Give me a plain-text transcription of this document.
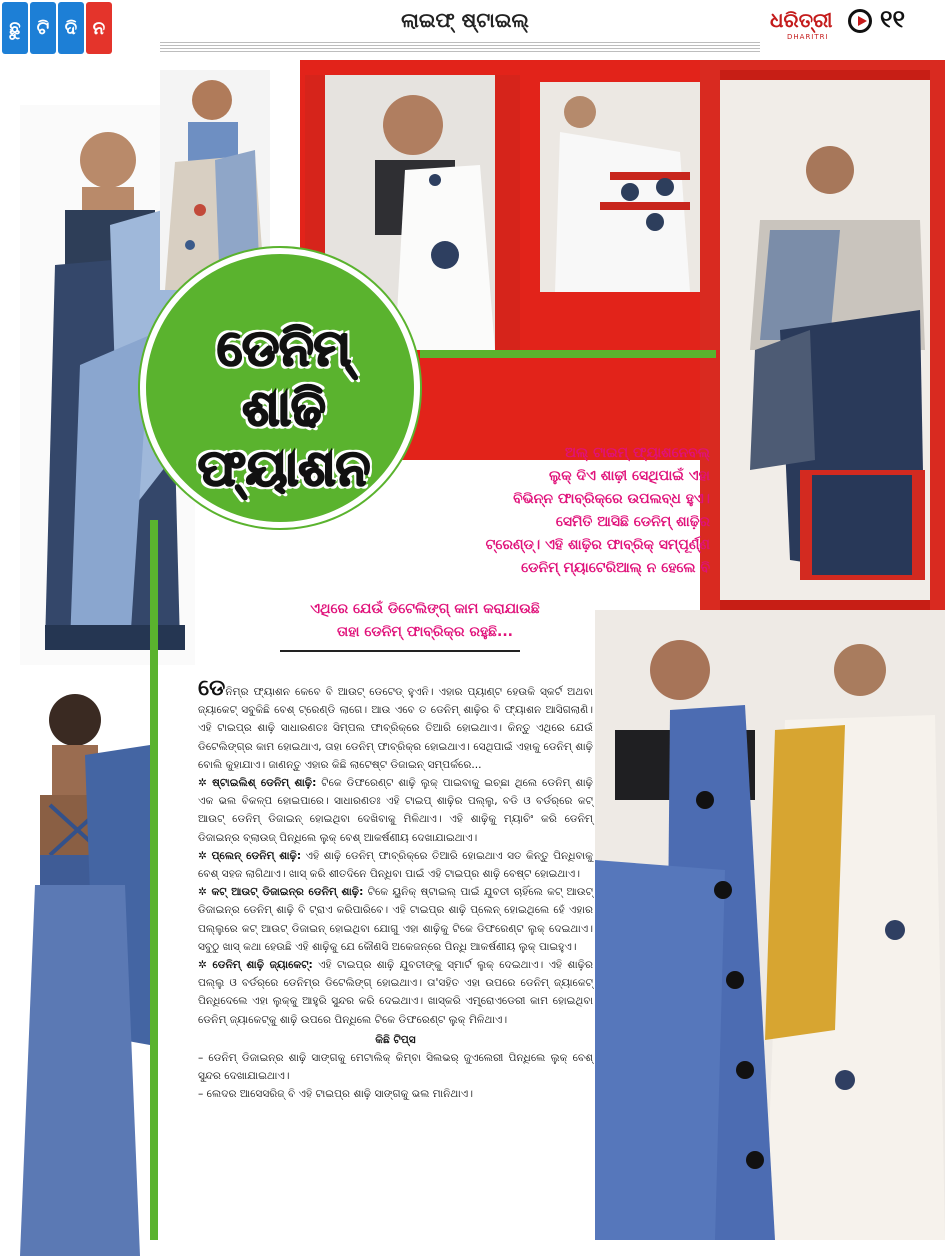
ଛୁ ଟି ଦି ନ	ଲାଇଫ୍ ଷ୍ଟାଇଲ୍	ଧରିତ୍ରୀ
DHARITRI
୧୧
ଡେନିମ୍
ଶାଢି
ଫ୍ୟାଶନ	ଅଲ୍ ଟାଇମ୍ ଫ୍ୟାଶନେବଲ୍
ଲୁକ୍ ଦିଏ ଶାଢ଼ୀ ସେଥିପାଇଁ ଏହା
ବିଭିନ୍ନ ଫାବ୍ରିକ୍‌ରେ ଉପଲବ୍ଧ ହୁଏ।
ସେମିତି ଆସିଛି ଡେନିମ୍ ଶାଢ଼ିର
ଟ୍ରେଣ୍ଡ୍। ଏହି ଶାଢ଼ିର ଫାବ୍ରିକ୍ ସମ୍ପୂର୍ଣ୍ଣ
ଡେନିମ୍ ମ୍ୟାଟେରିଆଲ୍ ନ ହେଲେ ବି
ଏଥିରେ ଯେଉଁ ଡିଟେଲିଙ୍ଗ୍ କାମ କରାଯାଉଛି
ତାହା ଡେନିମ୍ ଫାବ୍ରିକ୍‌ର ରହୁଛି...

ଡେନିମ୍‌ର ଫ୍ୟାଶନ କେବେ ବି ଆଉଟ୍ ଡେଟେଡ୍ ହୁଏନି। ଏହାର ପ୍ୟାଣ୍ଟ ହେଉକି ସ୍କର୍ଟ ଅଥବା ଜ୍ୟାକେଟ୍ ସବୁକିଛି ବେଶ୍ ଟ୍ରେଣ୍ଡି ଲାଗେ। ଆଉ ଏବେ ତ ଡେନିମ୍ ଶାଢ଼ିର ବି ଫ୍ୟାଶନ ଆସିଗଲାଣି। ଏହି ଟାଇପ୍‌ର ଶାଢ଼ି ସାଧାରଣତଃ ସିମ୍ପଲ ଫାବ୍ରିକ୍‌ରେ ତିଆରି ହୋଇଥାଏ। କିନ୍ତୁ ଏଥିରେ ଯେଉଁ ଡିଟେଲିଙ୍ଗ୍‌ର କାମ ହୋଇଥାଏ, ତାହା ଡେନିମ୍ ଫାବ୍ରିକ୍‌ର ହୋଇଥାଏ। ସେଥିପାଇଁ ଏହାକୁ ଡେନିମ୍ ଶାଢ଼ି ବୋଲି କୁହାଯାଏ। ଜାଣନ୍ତୁ ଏହାର କିଛି ଲାଟେଷ୍ଟ ଡିଜାଇନ୍ ସମ୍ପର୍କରେ...

✲ ଷ୍ଟାଇଲିଶ୍ ଡେନିମ୍ ଶାଢ଼ି: ଟିକେ ଡିଫରେଣ୍ଟ ଶାଢ଼ି ଲୁକ୍ ପାଇବାକୁ ଇଚ୍ଛା ଥିଲେ ଡେନିମ୍ ଶାଢ଼ି ଏକ ଭଲ ବିକଳ୍ପ ହୋଇପାରେ। ସାଧାରଣତଃ ଏହି ଟାଇପ୍ ଶାଢ଼ିର ପଲ୍ଲୁ, ବଡି ଓ ବର୍ଡର୍‌ରେ କଟ୍ ଆଉଟ୍ ଡେନିମ୍ ଡିଜାଇନ୍ ହୋଇଥିବା ଦେଖିବାକୁ ମିଳିଥାଏ। ଏହି ଶାଢ଼ିକୁ ମ୍ୟାଚିଂ କରି ଡେନିମ୍ ଡିଜାଇନ୍‌ର ବ୍ଲାଉଜ୍ ପିନ୍ଧିଲେ ଲୁକ୍ ବେଶ୍ ଆକର୍ଷଣୀୟ ଦେଖାଯାଇଥାଏ।

✲ ପ୍ଲେନ୍ ଡେନିମ୍ ଶାଢ଼ି: ଏହି ଶାଢ଼ି ଡେନିମ୍ ଫାବ୍ରିକ୍‌ରେ ତିଆରି ହୋଇଥାଏ ସତ କିନ୍ତୁ ପିନ୍ଧିବାକୁ ବେଶ୍ ସହଜ ଲାଗିଥାଏ। ଖାସ୍ କରି ଶୀତଦିନେ ପିନ୍ଧିବା ପାଇଁ ଏହି ଟାଇପ୍‌ର ଶାଢ଼ି ବେଷ୍ଟ ହୋଇଥାଏ।

✲ କଟ୍ ଆଉଟ୍ ଡିଜାଇନ୍‌ର ଡେନିମ୍ ଶାଢ଼ି: ଟିକେ ୟୁନିକ୍ ଷ୍ଟାଇଲ୍ ପାଇଁ ଯୁବତୀ ଚାହିଁଲେ କଟ୍ ଆଉଟ୍ ଡିଜାଇନ୍‌ର ଡେନିମ୍ ଶାଢ଼ି ବି ଟ୍ରାଏ କରିପାରିବେ। ଏହି ଟାଇପ୍‌ର ଶାଢ଼ି ପ୍ଲେନ୍ ହୋଇଥିଲେ ହେଁ ଏହାର ପଲ୍ଲୁରେ କଟ୍ ଆଉଟ୍ ଡିଜାଇନ୍ ହୋଇଥିବା ଯୋଗୁ ଏହା ଶାଢ଼ିକୁ ଟିକେ ଡିଫରେଣ୍ଟ ଲୁକ୍ ଦେଇଥାଏ। ସବୁଠୁ ଖାସ୍ କଥା ହେଉଛି ଏହି ଶାଢ଼ିକୁ ଯେ କୌଣସି ଅକେଜନ୍‌ରେ ପିନ୍ଧି ଆକର୍ଷଣୀୟ ଲୁକ୍ ପାଇହୁଏ।

✲ ଡେନିମ୍ ଶାଢ଼ି ଜ୍ୟାକେଟ୍: ଏହି ଟାଇପ୍‌ର ଶାଢ଼ି ଯୁବତୀଙ୍କୁ ସ୍ମାର୍ଟ ଲୁକ୍ ଦେଇଥାଏ। ଏହି ଶାଢ଼ିର ପଲ୍ଲୁ ଓ ବର୍ଡର୍‌ରେ ଡେନିମ୍‌ର ଡିଟେଲିଙ୍ଗ୍ ହୋଇଥାଏ। ତା'ସହିତ ଏହା ଉପରେ ଡେନିମ୍ ଜ୍ୟାକେଟ୍ ପିନ୍ଧିଦେଲେ ଏହା ଲୁକ୍‌କୁ ଆହୁରି ସୁନ୍ଦର କରି ଦେଇଥାଏ। ଖାସ୍‌କରି ଏମ୍ବ୍ରୋଏଡେରୀ କାମ ହୋଇଥିବା ଡେନିମ୍ ଜ୍ୟାକେଟ୍‌କୁ ଶାଢ଼ି ଉପରେ ପିନ୍ଧିଲେ ଟିକେ ଡିଫରେଣ୍ଟ ଲୁକ୍ ମିଳିଥାଏ।

କିଛି ଟିପ୍ସ

– ଡେନିମ୍ ଡିଜାଇନ୍‌ର ଶାଢ଼ି ସାଙ୍ଗକୁ ମେଟାଲିକ୍ କିମ୍ବା ସିଲଭର୍ ଜୁଏଲେରୀ ପିନ୍ଧିଲେ ଲୁକ୍ ବେଶ୍ ସୁନ୍ଦର ଦେଖାଯାଇଥାଏ।

– ଲେଦର ଆସେସରିଜ୍ ବି ଏହି ଟାଇପ୍‌ର ଶାଢ଼ି ସାଙ୍ଗକୁ ଭଲ ମାନିଥାଏ।
